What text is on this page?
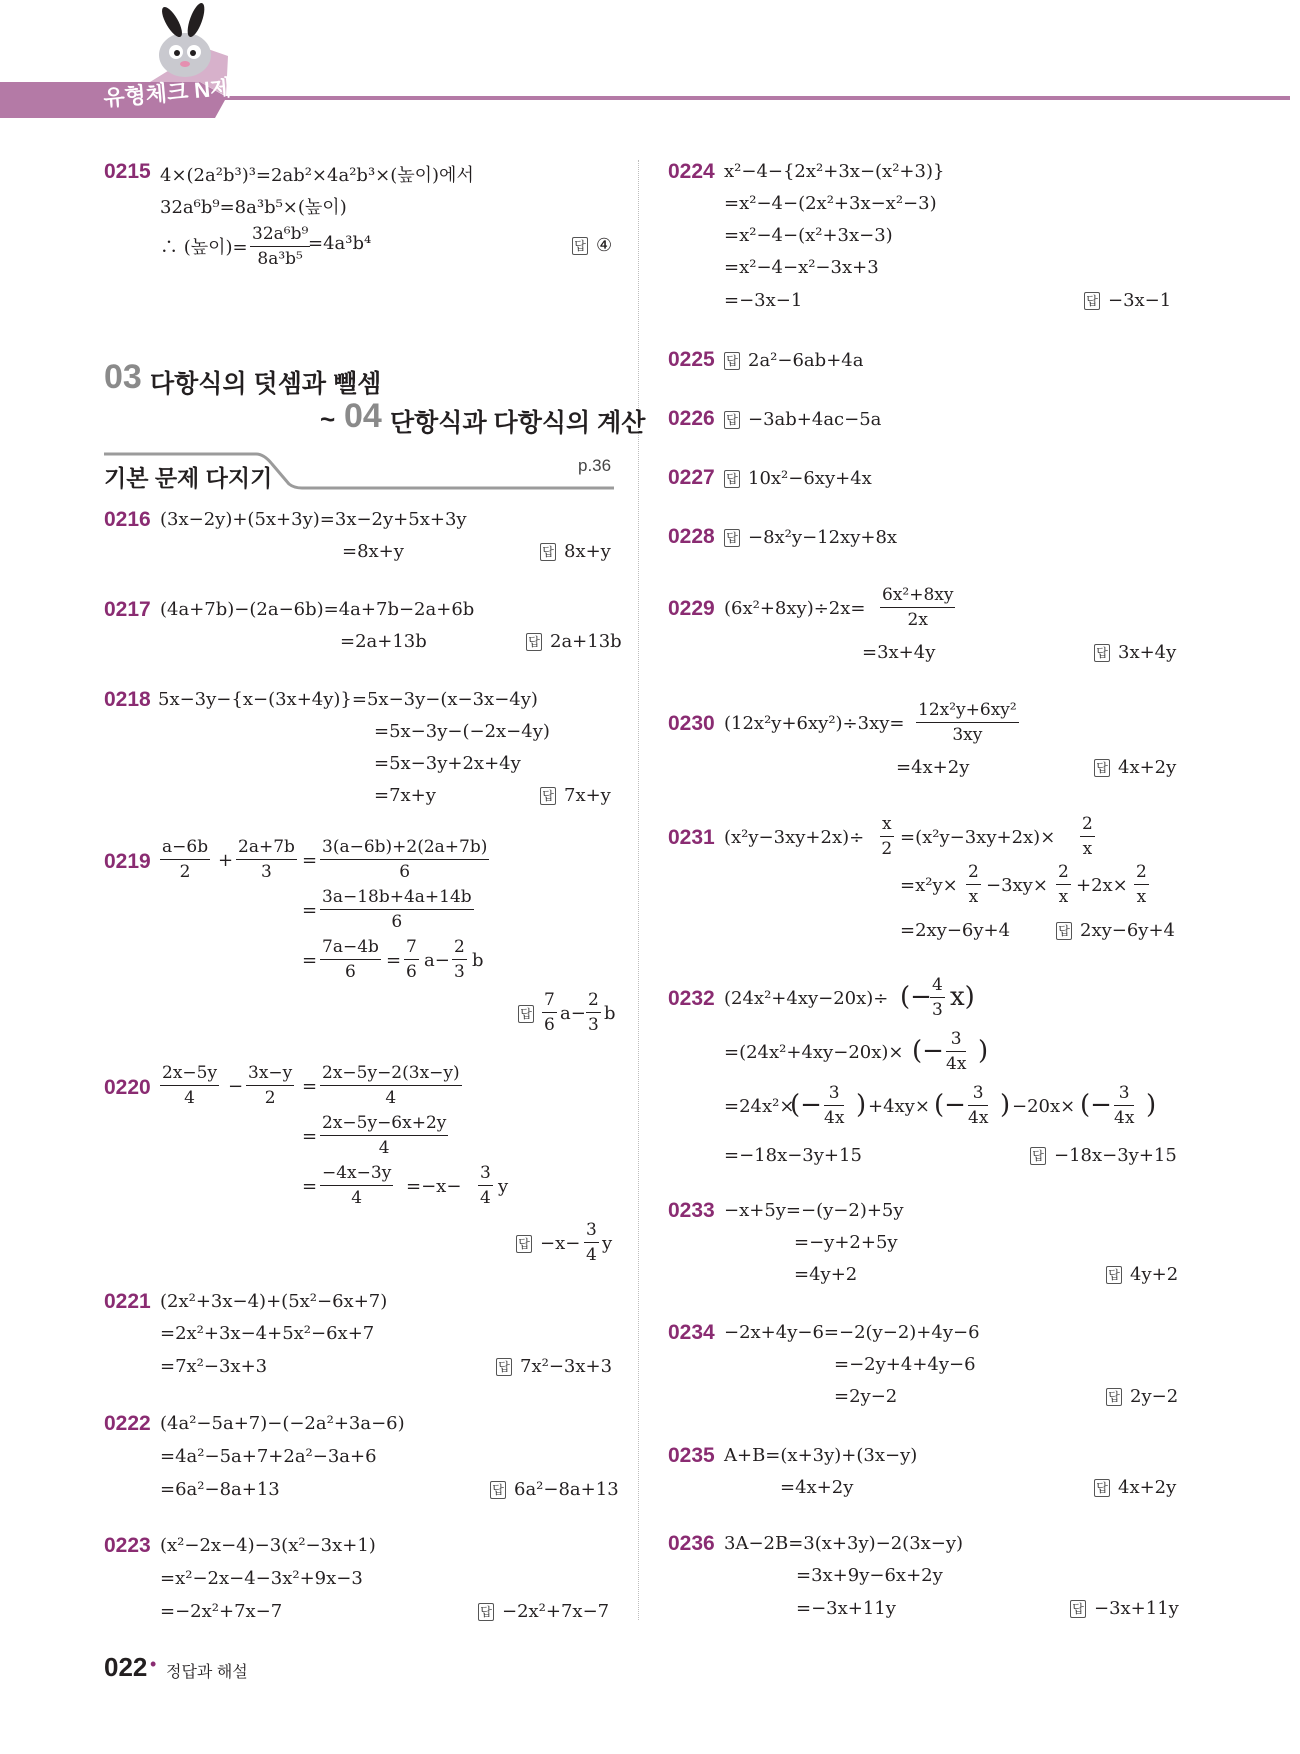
유형체크 N제
0215 4×(2a²b³)³=2ab²×4a²b³×(높이)에서
32a⁶b⁹=8a³b⁵×(높이)
∴ (높이)= $\frac{\text{32a⁶b⁹}}{\text{8a³b⁵}}$
=4a³b⁴	답 ④
03 다항식의 덧셈과 뺄셈
~ 04 단항식과 다항식의 계산
기본 문제 다지기	p.36
0216 (3x−2y)+(5x+3y)=3x−2y+5x+3y
=8x+y	답 8x+y
0217 (4a+7b)−(2a−6b)=4a+7b−2a+6b
=2a+13b	답 2a+13b
0218 5x−3y−{x−(3x+4y)}=5x−3y−(x−3x−4y)
=5x−3y−(−2x−4y)
=5x−3y+2x+4y
=7x+y	답 7x+y
$0219 \frac{a-6b}{2} + \frac{2a+7b}{3} = \frac{3(a-6b)+2(2a+7b)}{6}$
= $\frac{3a-18b+4a+14b}{6}$
= $\frac{7a-4b}{6} = \frac{7}{6} a- \frac{2}{3}$ b
답 $\frac{7}{6} a- \frac{2}{3}$ b
$0220 \frac{2x-5y}{4} - \frac{3x-y}{2} = \frac{2x-5y-2(3x-y)}{4}$
= $\frac{2x-5y-6x+2y}{4}$
= $\frac{-4x-3y}{4} =-x- \frac{3}{4}$ y
답 $-x- \frac{3}{4}$ y
0221 (2x²+3x−4)+(5x²−6x+7)
=2x²+3x−4+5x²−6x+7
=7x²−3x+3	답 7x²−3x+3
0222 (4a²−5a+7)−(−2a²+3a−6)
=4a²−5a+7+2a²−3a+6
=6a²−8a+13	답 6a²−8a+13
0223 (x²−2x−4)−3(x²−3x+1)
=x²−2x−4−3x²+9x−3
=−2x²+7x−7	답 −2x²+7x−7
0224 x²−4−{2x²+3x−(x²+3)}
=x²−4−(2x²+3x−x²−3)
=x²−4−(x²+3x−3)
=x²−4−x²−3x+3
=−3x−1	답 −3x−1
0225 답 2a²−6ab+4a
0226 답 −3ab+4ac−5a
0227 답 10x²−6xy+4x
0228 답 −8x²y−12xy+8x
0229 $(6x^2+8xy)\div 2x= \frac{\text{6x²+8xy}}{2x}$
=3x+4y	답 3x+4y
0230 $(12x^2y+6xy^2)\div 3xy= \frac{\text{12x²y+6xy²}}{3xy}$
=4x+2y	답 4x+2y
0231 $(x^2y-3xy+2x)\div \frac{x}{2} =(x^2y-3xy+2x)\times \frac{2}{x}$
$=x^2y\times \frac{2}{x} -3xy\times \frac{2}{x} +2x\times \frac{2}{x}$
=2xy−6y+4	답 2xy−6y+4
0232 (24x²+4xy−20x)÷ (−
$\frac{4}{3} x$)
=(24x²+4xy−20x)× (− $\frac{3}{4x}$ )
=24x²×
(− $\frac{3}{4x}$ ) +4xy× (− $\frac{3}{4x}$ ) −20x× (− $\frac{3}{4x}$ )
=−18x−3y+15	답 −18x−3y+15
0233 −x+5y=−(y−2)+5y
=−y+2+5y
=4y+2	답 4y+2
0234 −2x+4y−6=−2(y−2)+4y−6
=−2y+4+4y−6
=2y−2	답 2y−2
0235 A+B=(x+3y)+(3x−y)
=4x+2y	답 4x+2y
0236 3A−2B=3(x+3y)−2(3x−y)
=3x+9y−6x+2y
=−3x+11y	답 −3x+11y
022 • 정답과 해설
